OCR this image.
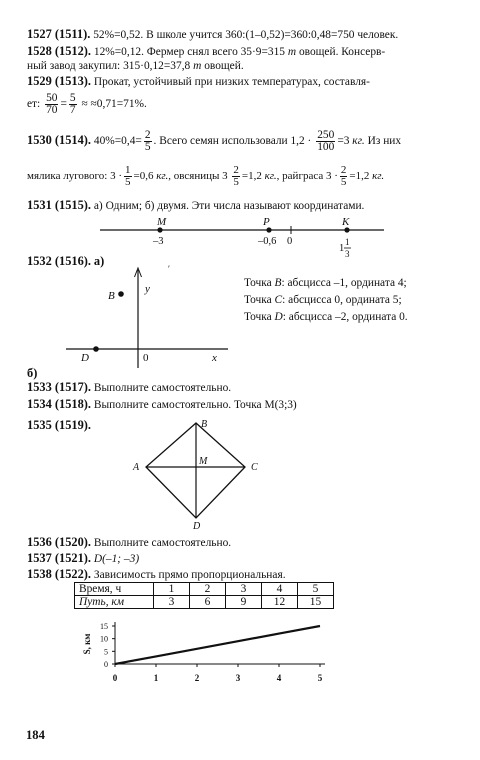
1527 (1511). 52%=0,52. В школе учится 360:(1–0,52)=360:0,48=750 человек.
1528 (1512). 12%=0,12. Фермер снял всего 35·9=315 т овощей. Консерв-
ный завод закупил: 315·0,12=37,8 т овощей.
1529 (1513). Прокат, устойчивый при низких температурах, составля-
ет: $\frac{50}{70} = \frac{5}{7} \approx \approx 0,71=71\%$.
1530 (1514). $40\%=0,4= \frac{2}{5}$ . Всего семян использовали $1,2 \cdot \frac{250}{100} =3$ кг. Из них
мялика лугового: $3 \cdot \frac{1}{5} =0,6$ кг., овсяницы $3 \frac{2}{5} =1,2$ кг., райграса $3 \cdot \frac{2}{5} =1,2$ кг.
1531 (1515). а) Одним; б) двумя. Эти числа называют координатами.
M	P	K
–3	–0,6 0
1
1
3
1532 (1516). а)
y
x
0
B
D
′
Точка B: абсцисса –1, ордината 4;
Точка C: абсцисса 0, ордината 5;
Точка D: абсцисса –2, ордината 0.
б)
1533 (1517). Выполните самостоятельно.
1534 (1518). Выполните самостоятельно. Точка M(3;3)
1535 (1519).	B
A	C
D
M
1536 (1520). Выполните самостоятельно.
1537 (1521). D(–1; –3)
1538 (1522). Зависимость прямо пропорциональная.
Время, ч	1	2	3	4	5
Путь, км	3	6	9	12	15
S, км
0	1	2	3	4	5
0
5
10
15
184
